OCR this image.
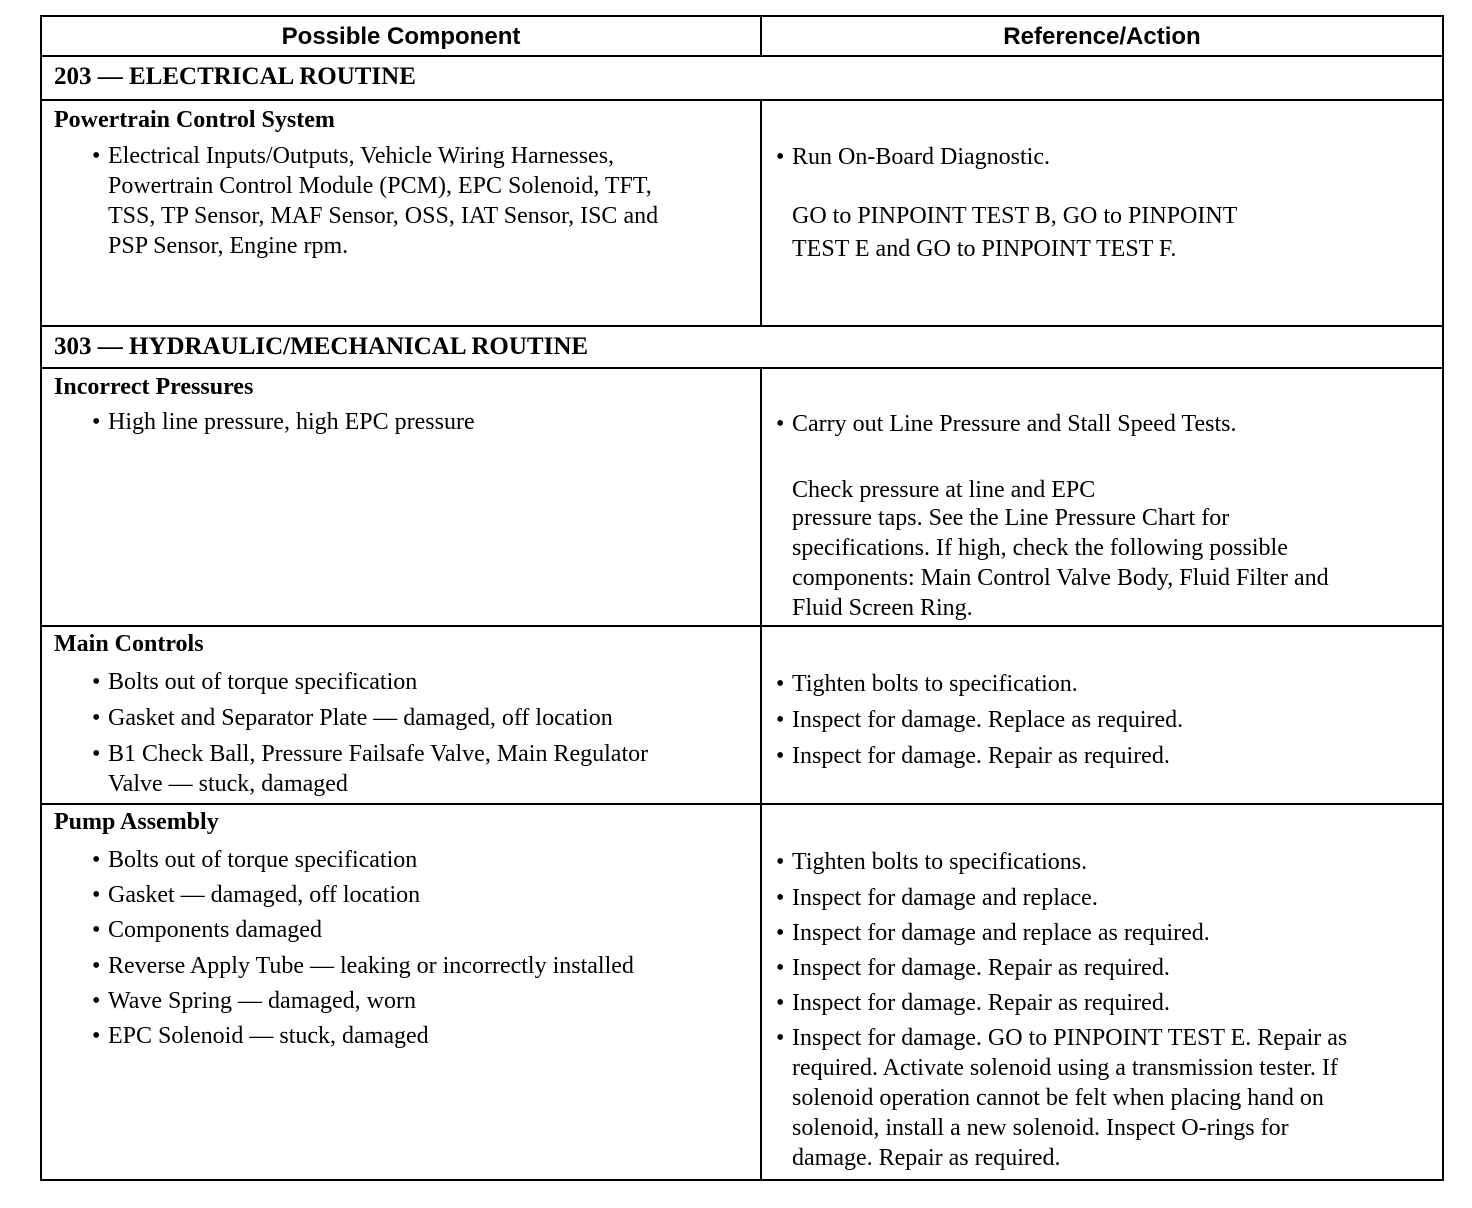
Possible Component	Reference/Action
203 — ELECTRICAL ROUTINE
Powertrain Control System
• Electrical Inputs/Outputs, Vehicle Wiring Harnesses,
Powertrain Control Module (PCM), EPC Solenoid, TFT,
TSS, TP Sensor, MAF Sensor, OSS, IAT Sensor, ISC and
PSP Sensor, Engine rpm.
• Run On-Board Diagnostic.
GO to PINPOINT TEST B, GO to PINPOINT
TEST E and GO to PINPOINT TEST F.
303 — HYDRAULIC/MECHANICAL ROUTINE
Incorrect Pressures
• High line pressure, high EPC pressure	• Carry out Line Pressure and Stall Speed Tests.
Check pressure at line and EPC
pressure taps. See the Line Pressure Chart for
specifications. If high, check the following possible
components: Main Control Valve Body, Fluid Filter and
Fluid Screen Ring.
Main Controls
• Bolts out of torque specification
• Gasket and Separator Plate — damaged, off location
• B1 Check Ball, Pressure Failsafe Valve, Main Regulator
Valve — stuck, damaged
• Tighten bolts to specification.
• Inspect for damage. Replace as required.
• Inspect for damage. Repair as required.
Pump Assembly
• Bolts out of torque specification
• Gasket — damaged, off location
• Components damaged
• Reverse Apply Tube — leaking or incorrectly installed
• Wave Spring — damaged, worn
• EPC Solenoid — stuck, damaged
• Tighten bolts to specifications.
• Inspect for damage and replace.
• Inspect for damage and replace as required.
• Inspect for damage. Repair as required.
• Inspect for damage. Repair as required.
• Inspect for damage. GO to PINPOINT TEST E. Repair as
required. Activate solenoid using a transmission tester. If
solenoid operation cannot be felt when placing hand on
solenoid, install a new solenoid. Inspect O-rings for
damage. Repair as required.
